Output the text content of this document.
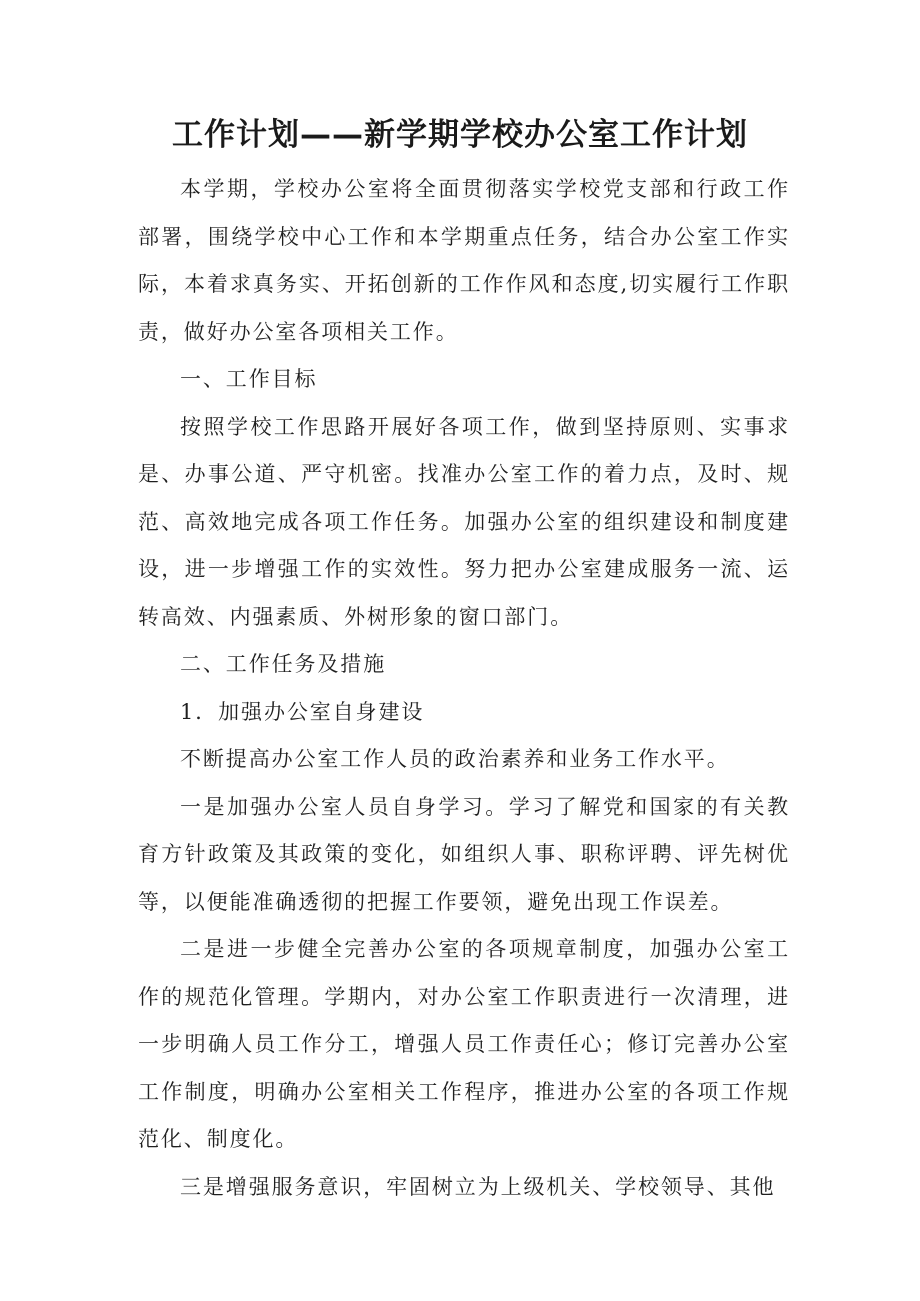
工作计划——新学期学校办公室工作计划

本学期，学校办公室将全面贯彻落实学校党支部和行政工作部署，围绕学校中心工作和本学期重点任务，结合办公室工作实际，本着求真务实、开拓创新的工作作风和态度,切实履行工作职责，做好办公室各项相关工作。

一、工作目标

按照学校工作思路开展好各项工作，做到坚持原则、实事求是、办事公道、严守机密。找准办公室工作的着力点，及时、规范、高效地完成各项工作任务。加强办公室的组织建设和制度建设，进一步增强工作的实效性。努力把办公室建成服务一流、运转高效、内强素质、外树形象的窗口部门。

二、工作任务及措施

1．加强办公室自身建设

不断提高办公室工作人员的政治素养和业务工作水平。

一是加强办公室人员自身学习。学习了解党和国家的有关教育方针政策及其政策的变化，如组织人事、职称评聘、评先树优等，以便能准确透彻的把握工作要领，避免出现工作误差。

二是进一步健全完善办公室的各项规章制度，加强办公室工作的规范化管理。学期内，对办公室工作职责进行一次清理，进一步明确人员工作分工，增强人员工作责任心；修订完善办公室工作制度，明确办公室相关工作程序，推进办公室的各项工作规范化、制度化。

三是增强服务意识，牢固树立为上级机关、学校领导、其他
